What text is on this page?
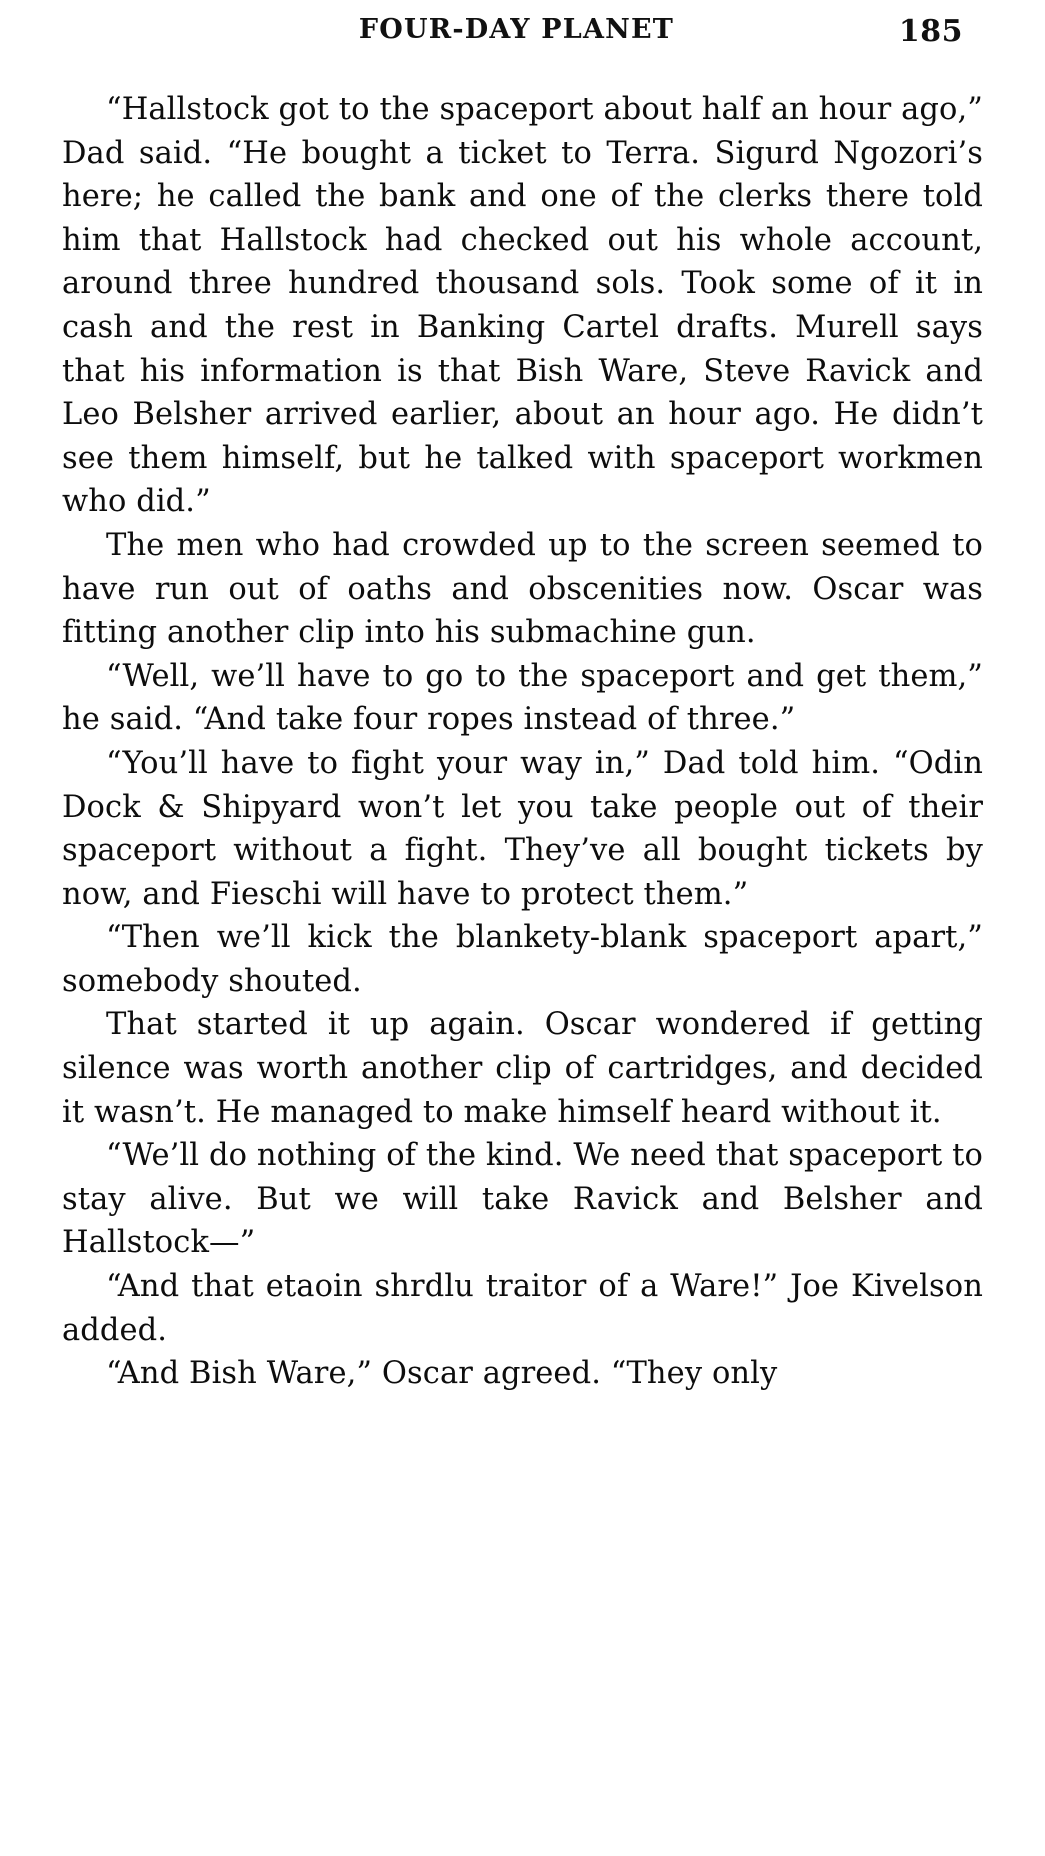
FOUR-DAY PLANET	185

“Hallstock got to the spaceport about half an hour ago,” Dad said. “He bought a ticket to Terra. Sigurd Ngozori’s here; he called the bank and one of the clerks there told him that Hallstock had checked out his whole account, around three hundred thousand sols. Took some of it in cash and the rest in Banking Cartel drafts. Murell says that his information is that Bish Ware, Steve Ravick and Leo Belsher arrived earlier, about an hour ago. He didn’t see them himself, but he talked with spaceport workmen who did.”

The men who had crowded up to the screen seemed to have run out of oaths and obscenities now. Oscar was fitting another clip into his submachine gun.

“Well, we’ll have to go to the spaceport and get them,” he said. “And take four ropes instead of three.”

“You’ll have to fight your way in,” Dad told him. “Odin Dock & Shipyard won’t let you take people out of their spaceport without a fight. They’ve all bought tickets by now, and Fieschi will have to protect them.”

“Then we’ll kick the blankety-blank spaceport apart,” somebody shouted.

That started it up again. Oscar wondered if getting silence was worth another clip of cartridges, and decided it wasn’t. He managed to make himself heard without it.

“We’ll do nothing of the kind. We need that spaceport to stay alive. But we will take Ravick and Belsher and Hallstock—”

“And that etaoin shrdlu traitor of a Ware!” Joe Kivelson added.

“And Bish Ware,” Oscar agreed. “They only
